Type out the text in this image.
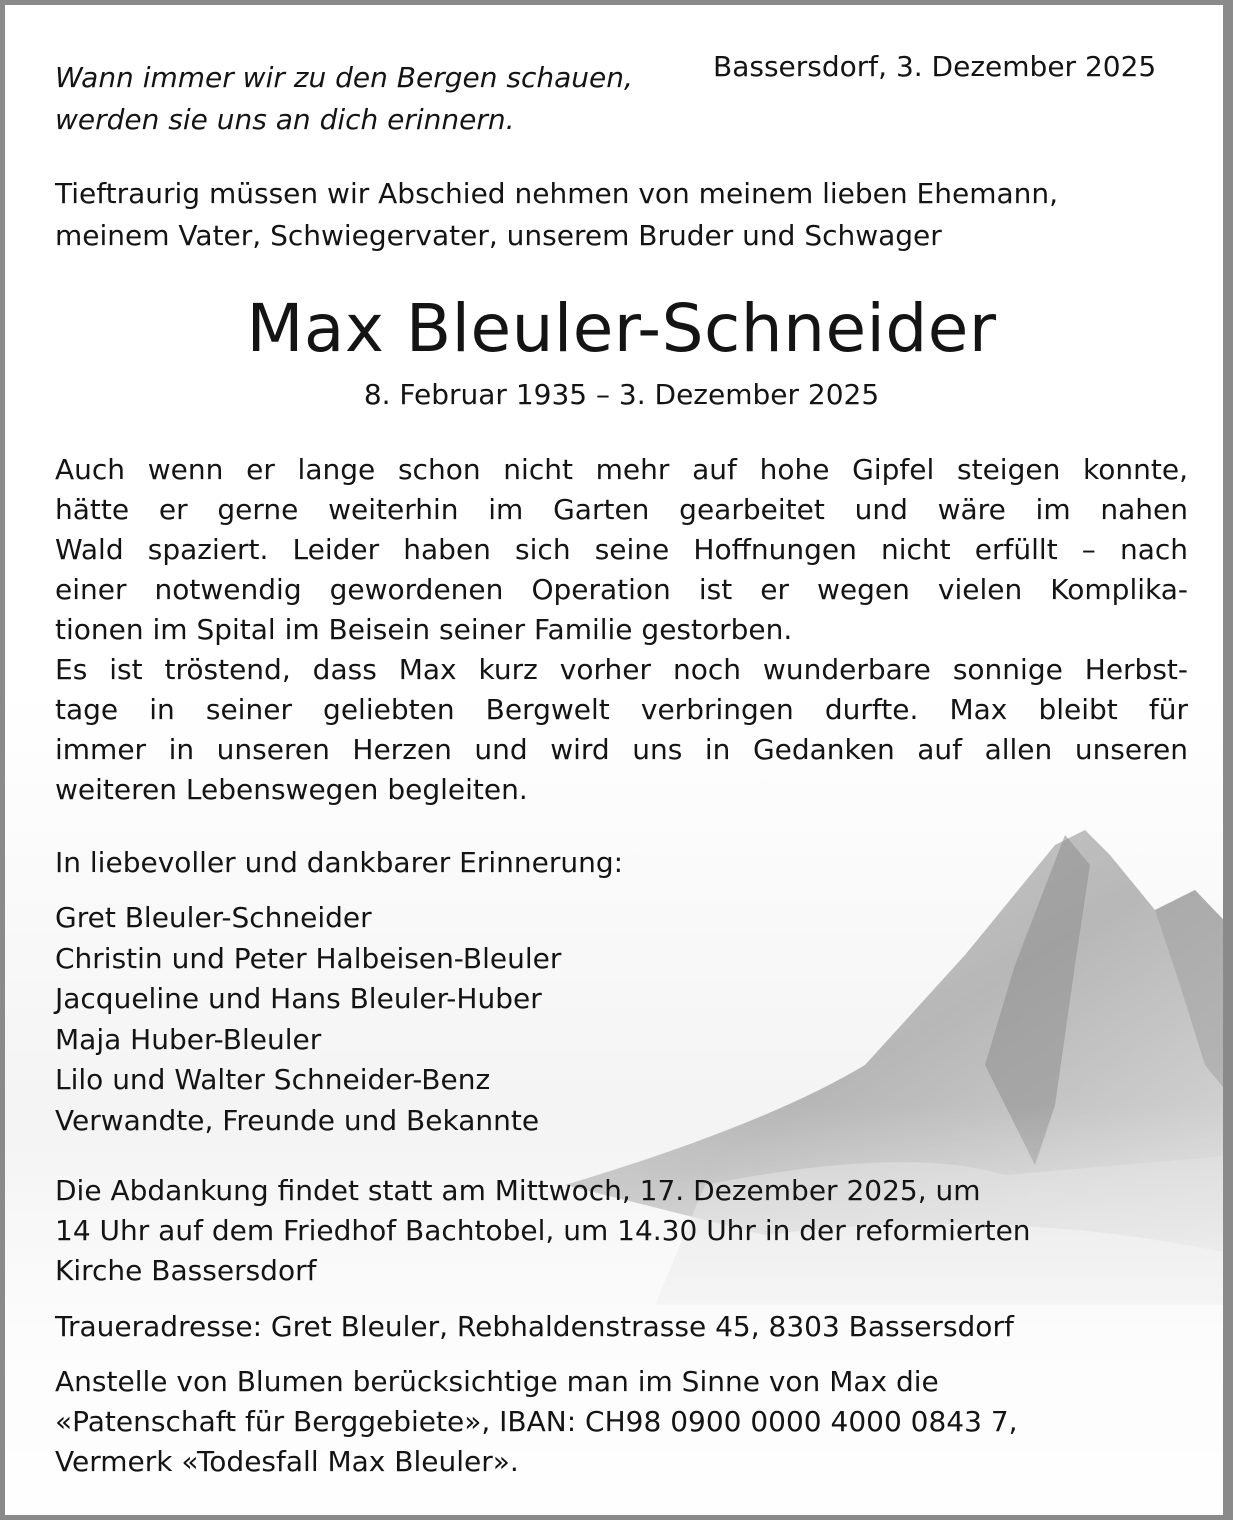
Wann immer wir zu den Bergen schauen,
werden sie uns an dich erinnern.

Bassersdorf, 3. Dezember 2025

Tieftraurig müssen wir Abschied nehmen von meinem lieben Ehemann,
meinem Vater, Schwiegervater, unserem Bruder und Schwager
Max Bleuler-Schneider

8. Februar 1935 – 3. Dezember 2025

Auch wenn er lange schon nicht mehr auf hohe Gipfel steigen konnte,
hätte er gerne weiterhin im Garten gearbeitet und wäre im nahen
Wald spaziert. Leider haben sich seine Hoffnungen nicht erfüllt – nach
einer notwendig gewordenen Operation ist er wegen vielen Komplika-
tionen im Spital im Beisein seiner Familie gestorben.
Es ist tröstend, dass Max kurz vorher noch wunderbare sonnige Herbst-
tage in seiner geliebten Bergwelt verbringen durfte. Max bleibt für
immer in unseren Herzen und wird uns in Gedanken auf allen unseren
weiteren Lebenswegen begleiten.

In liebevoller und dankbarer Erinnerung:

Gret Bleuler-Schneider
Christin und Peter Halbeisen-Bleuler
Jacqueline und Hans Bleuler-Huber
Maja Huber-Bleuler
Lilo und Walter Schneider-Benz
Verwandte, Freunde und Bekannte
Die Abdankung findet statt am Mittwoch, 17. Dezember 2025, um
14 Uhr auf dem Friedhof Bachtobel, um 14.30 Uhr in der reformierten
Kirche Bassersdorf

Traueradresse: Gret Bleuler, Rebhaldenstrasse 45, 8303 Bassersdorf

Anstelle von Blumen berücksichtige man im Sinne von Max die
«Patenschaft für Berggebiete», IBAN: CH98 0900 0000 4000 0843 7,
Vermerk «Todesfall Max Bleuler».
